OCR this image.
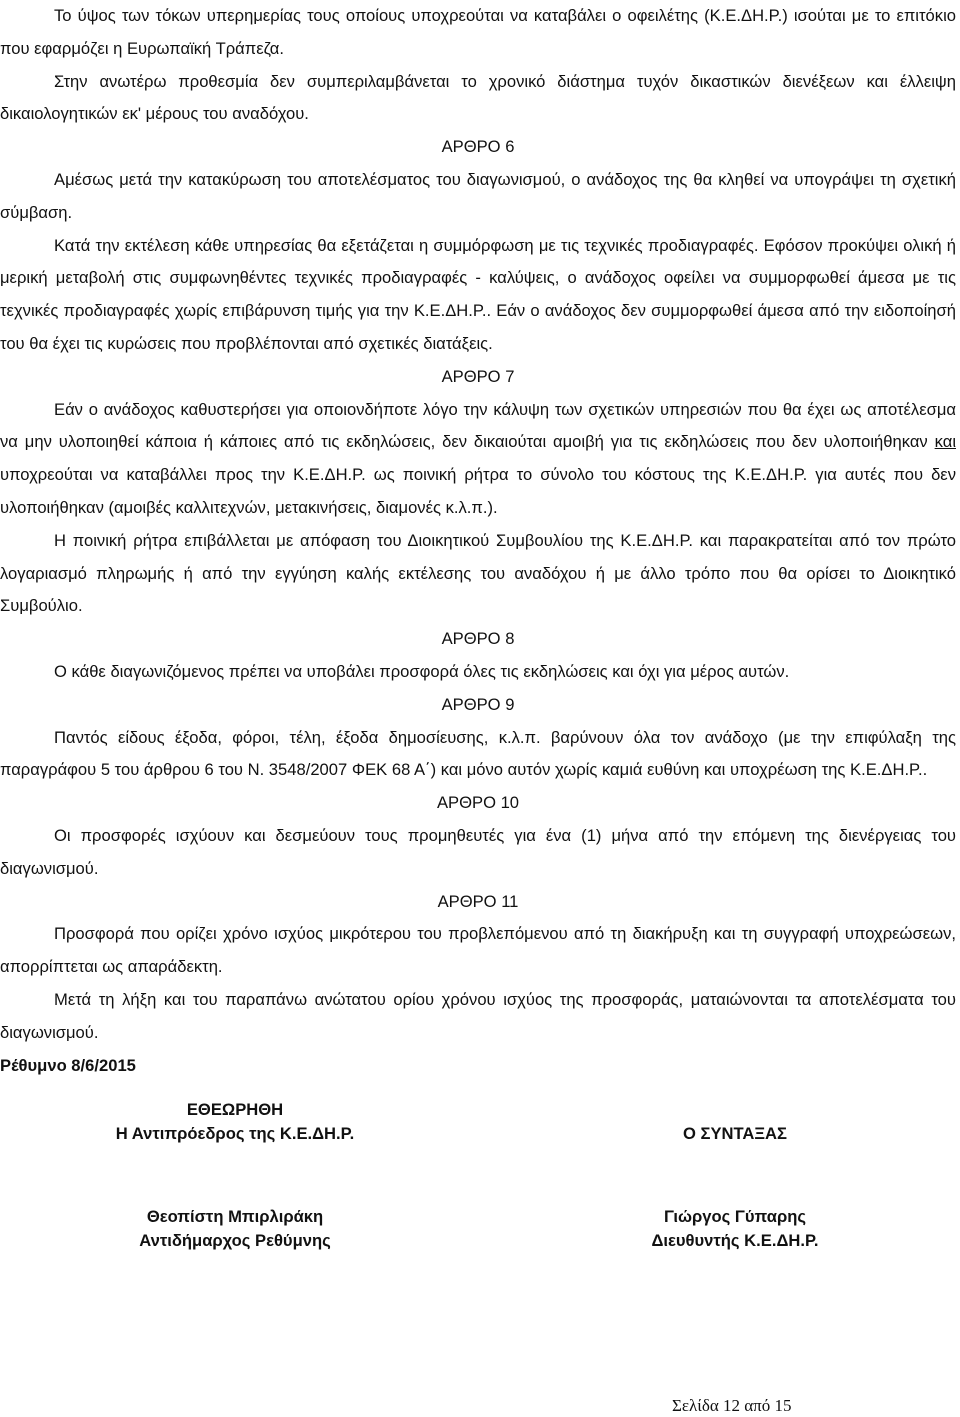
Το ύψος των τόκων υπερημερίας τους οποίους υποχρεούται να καταβάλει ο οφειλέτης (Κ.Ε.ΔΗ.Ρ.) ισούται με το επιτόκιο που εφαρμόζει η Ευρωπαϊκή Τράπεζα.

Στην ανωτέρω προθεσμία δεν συμπεριλαμβάνεται το χρονικό διάστημα τυχόν δικαστικών διενέξεων και έλλειψη δικαιολογητικών εκ' μέρους του αναδόχου.

ΑΡΘΡΟ 6

Αμέσως μετά την κατακύρωση του αποτελέσματος του διαγωνισμού, ο ανάδοχος της θα κληθεί να υπογράψει τη σχετική σύμβαση.

Κατά την εκτέλεση κάθε υπηρεσίας θα εξετάζεται η συμμόρφωση με τις τεχνικές προδιαγραφές. Εφόσον προκύψει ολική ή μερική μεταβολή στις συμφωνηθέντες τεχνικές προδιαγραφές - καλύψεις, ο ανάδοχος οφείλει να συμμορφωθεί άμεσα με τις τεχνικές προδιαγραφές χωρίς επιβάρυνση τιμής για την Κ.Ε.ΔΗ.Ρ.. Εάν ο ανάδοχος δεν συμμορφωθεί άμεσα από την ειδοποίησή του θα έχει τις κυρώσεις που προβλέπονται από σχετικές διατάξεις.

ΑΡΘΡΟ 7

Εάν ο ανάδοχος καθυστερήσει για οποιονδήποτε λόγο την κάλυψη των σχετικών υπηρεσιών που θα έχει ως αποτέλεσμα να μην υλοποιηθεί κάποια ή κάποιες από τις εκδηλώσεις, δεν δικαιούται αμοιβή για τις εκδηλώσεις που δεν υλοποιήθηκαν και υποχρεούται να καταβάλλει προς την Κ.Ε.ΔΗ.Ρ. ως ποινική ρήτρα το σύνολο του κόστους της Κ.Ε.ΔΗ.Ρ. για αυτές που δεν υλοποιήθηκαν (αμοιβές καλλιτεχνών, μετακινήσεις, διαμονές κ.λ.π.).

Η ποινική ρήτρα επιβάλλεται με απόφαση του Διοικητικού Συμβουλίου της Κ.Ε.ΔΗ.Ρ. και παρακρατείται από τον πρώτο λογαριασμό πληρωμής ή από την εγγύηση καλής εκτέλεσης του αναδόχου ή με άλλο τρόπο που θα ορίσει το Διοικητικό Συμβούλιο.

ΑΡΘΡΟ 8

Ο κάθε διαγωνιζόμενος πρέπει να υποβάλει προσφορά όλες τις εκδηλώσεις και όχι για μέρος αυτών.

ΑΡΘΡΟ 9

Παντός είδους έξοδα, φόροι, τέλη, έξοδα δημοσίευσης, κ.λ.π. βαρύνουν όλα τον ανάδοχο (με την επιφύλαξη της παραγράφου 5 του άρθρου 6 του Ν. 3548/2007 ΦΕΚ 68 Α΄) και μόνο αυτόν χωρίς καμιά ευθύνη και υποχρέωση της Κ.Ε.ΔΗ.Ρ..

ΑΡΘΡΟ 10

Οι προσφορές ισχύουν και δεσμεύουν τους προμηθευτές για ένα (1) μήνα από την επόμενη της διενέργειας του διαγωνισμού.

ΑΡΘΡΟ 11

Προσφορά που ορίζει χρόνο ισχύος μικρότερου του προβλεπόμενου από τη διακήρυξη και τη συγγραφή υποχρεώσεων, απορρίπτεται ως απαράδεκτη.

Μετά τη λήξη και του παραπάνω ανώτατου ορίου χρόνου ισχύος της προσφοράς, ματαιώνονται τα αποτελέσματα του διαγωνισμού.

Ρέθυμνο 8/6/2015

ΕΘΕΩΡΗΘΗ
Η Αντιπρόεδρος της Κ.Ε.ΔΗ.Ρ.
Θεοπίστη Μπιρλιράκη
Αντιδήμαρχος Ρεθύμνης
Ο ΣΥΝΤΑΞΑΣ
Γιώργος Γύπαρης
Διευθυντής Κ.Ε.ΔΗ.Ρ.
Σελίδα 12 από 15
